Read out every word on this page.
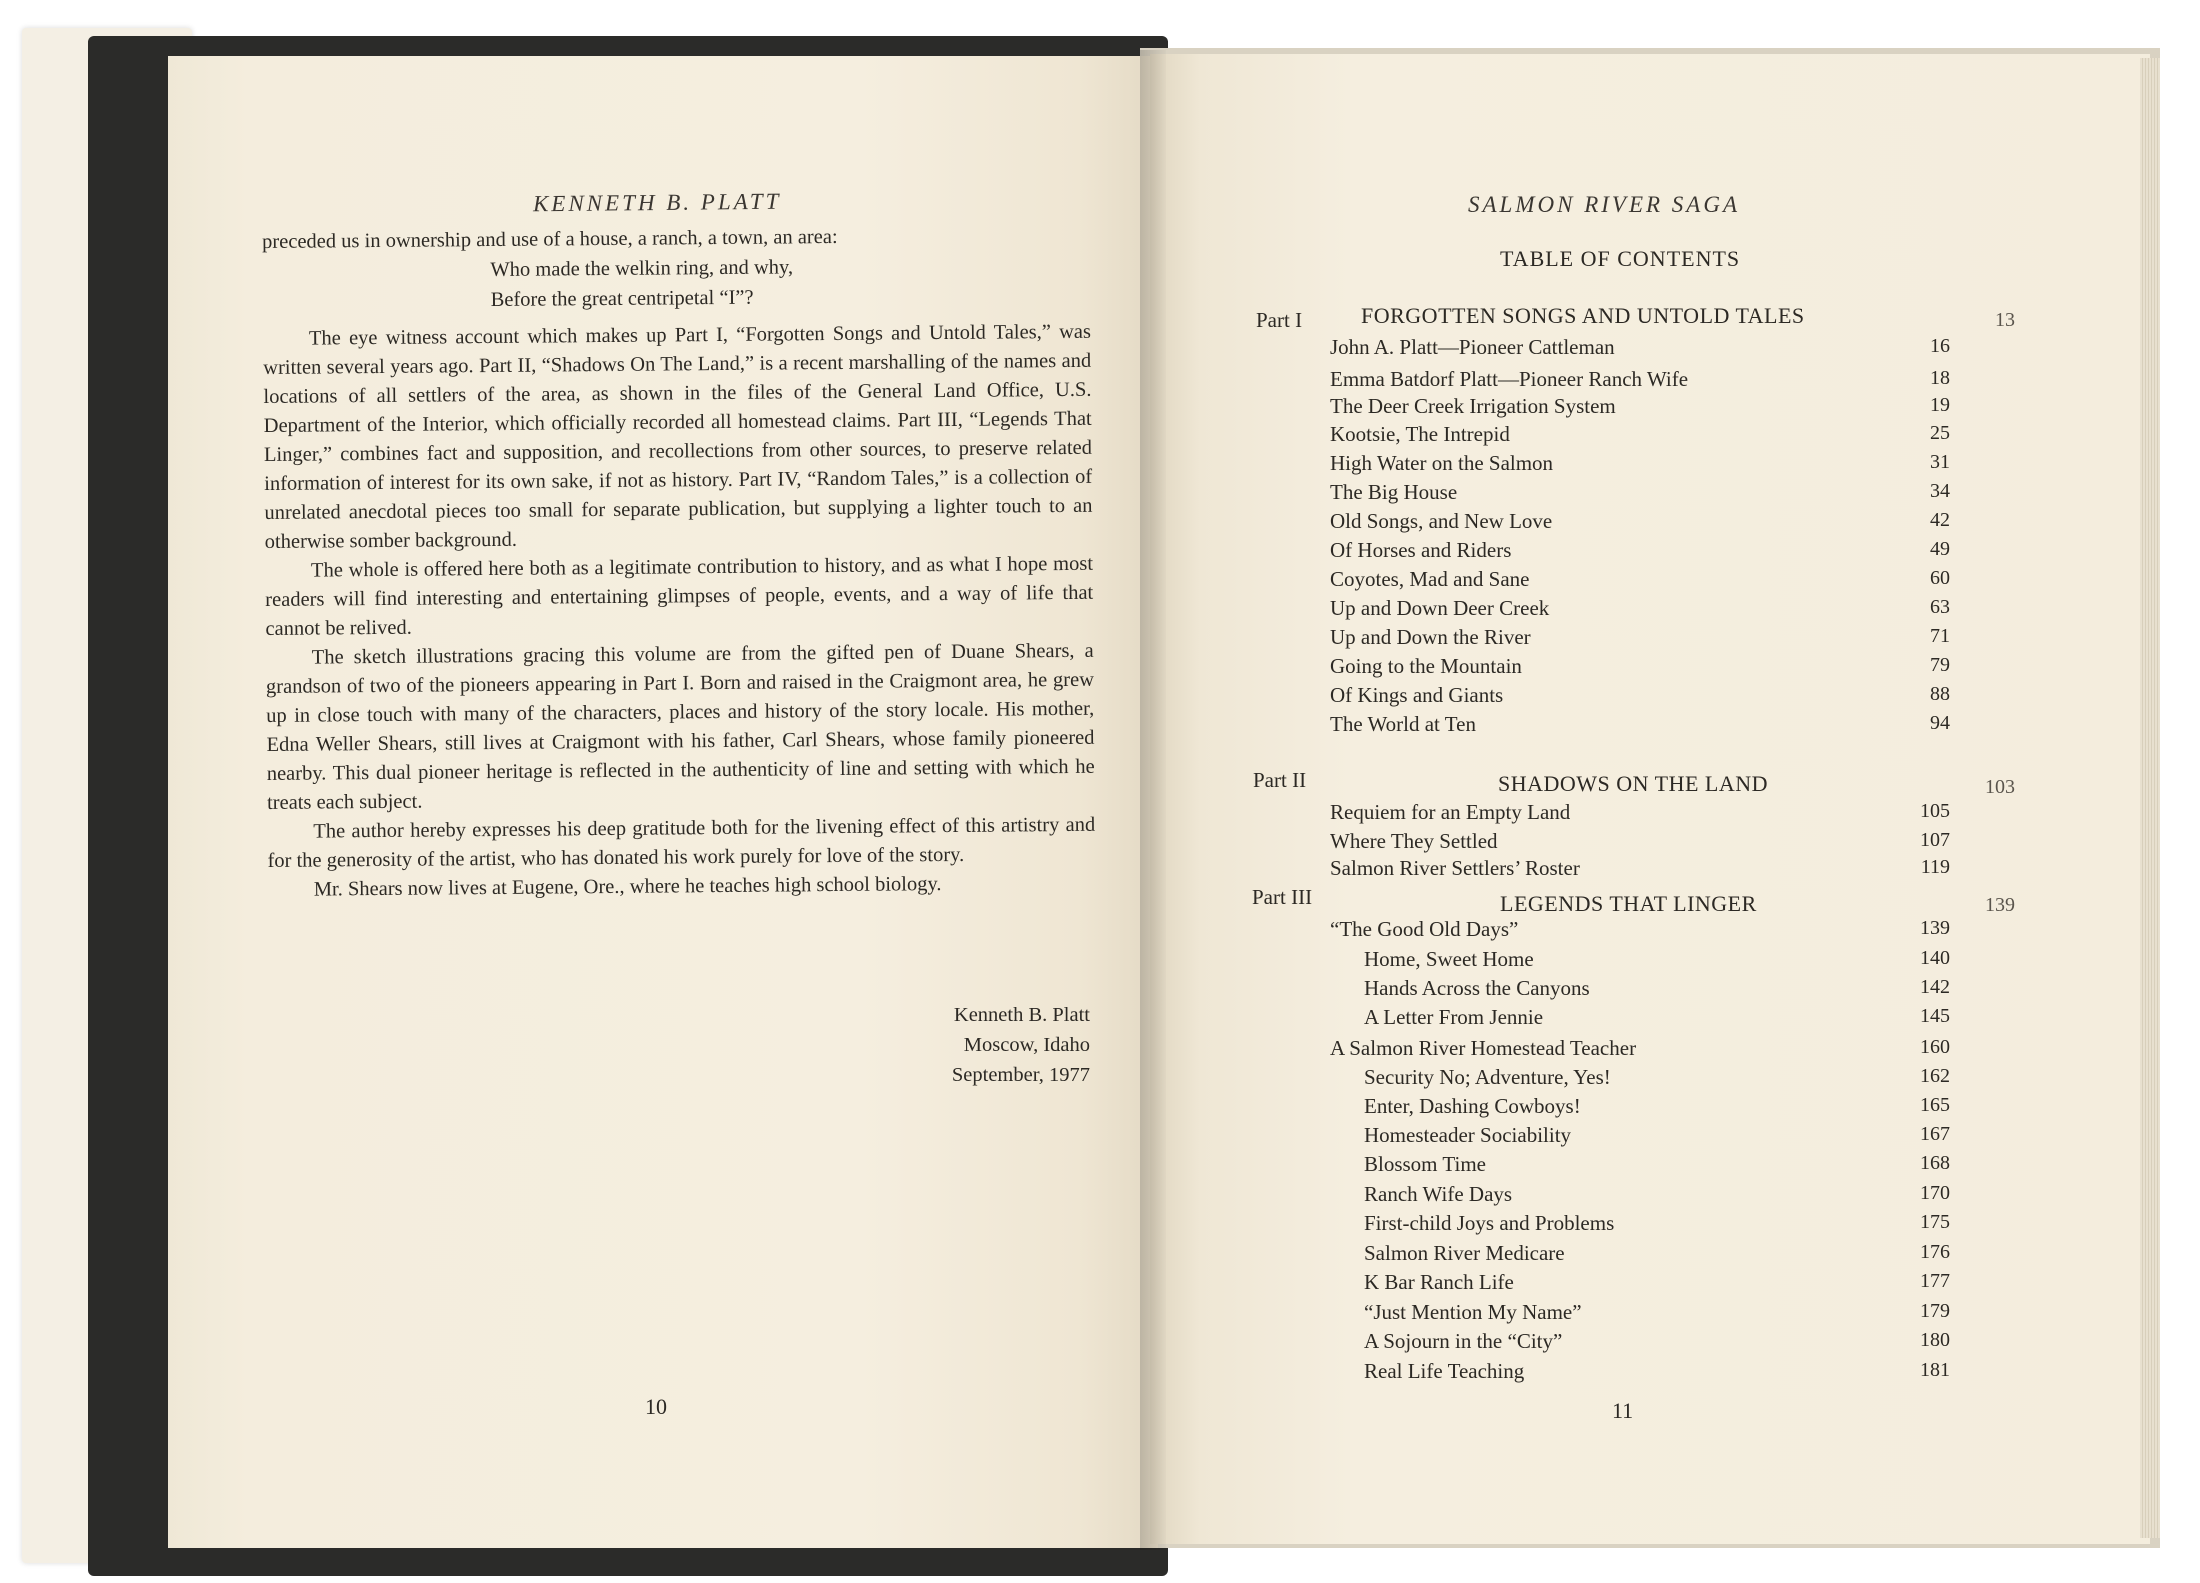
KENNETH B. PLATT

preceded us in ownership and use of a house, a ranch, a town, an area:

Who made the welkin ring, and why,

Before the great centripetal “I”?

The eye witness account which makes up Part I, “Forgotten Songs and Untold Tales,” was written several years ago. Part II, “Shadows On The Land,” is a recent marshalling of the names and locations of all settlers of the area, as shown in the files of the General Land Office, U.S. Department of the Interior, which officially recorded all homestead claims. Part III, “Legends That Linger,” combines fact and supposition, and recollections from other sources, to preserve related information of interest for its own sake, if not as history. Part IV, “Random Tales,” is a collection of unrelated anecdotal pieces too small for separate publication, but supplying a lighter touch to an otherwise somber background.

The whole is offered here both as a legitimate contribution to history, and as what I hope most readers will find interesting and entertaining glimpses of people, events, and a way of life that cannot be relived.

The sketch illustrations gracing this volume are from the gifted pen of Duane Shears, a grandson of two of the pioneers appearing in Part I. Born and raised in the Craigmont area, he grew up in close touch with many of the characters, places and history of the story locale. His mother, Edna Weller Shears, still lives at Craigmont with his father, Carl Shears, whose family pioneered nearby. This dual pioneer heritage is reflected in the authenticity of line and setting with which he treats each subject.

The author hereby expresses his deep gratitude both for the livening effect of this artistry and for the generosity of the artist, who has donated his work purely for love of the story.

Mr. Shears now lives at Eugene, Ore., where he teaches high school biology.

Kenneth B. Platt
Moscow, Idaho
September, 1977
10
SALMON RIVER SAGA
TABLE OF CONTENTS
Part I	FORGOTTEN SONGS AND UNTOLD TALES	13
John A. Platt—Pioneer Cattleman	16
Emma Batdorf Platt—Pioneer Ranch Wife	18
The Deer Creek Irrigation System	19
Kootsie, The Intrepid	25
High Water on the Salmon	31
The Big House	34
Old Songs, and New Love	42
Of Horses and Riders	49
Coyotes, Mad and Sane	60
Up and Down Deer Creek	63
Up and Down the River	71
Going to the Mountain	79
Of Kings and Giants	88
The World at Ten	94
Part II	SHADOWS ON THE LAND	103
Requiem for an Empty Land	105
Where They Settled	107
Salmon River Settlers’ Roster	119
Part III	LEGENDS THAT LINGER	139
“The Good Old Days”	139
Home, Sweet Home	140
Hands Across the Canyons	142
A Letter From Jennie	145
A Salmon River Homestead Teacher	160
Security No; Adventure, Yes!	162
Enter, Dashing Cowboys!	165
Homesteader Sociability	167
Blossom Time	168
Ranch Wife Days	170
First-child Joys and Problems	175
Salmon River Medicare	176
K Bar Ranch Life	177
“Just Mention My Name”	179
A Sojourn in the “City”	180
Real Life Teaching	181
11
